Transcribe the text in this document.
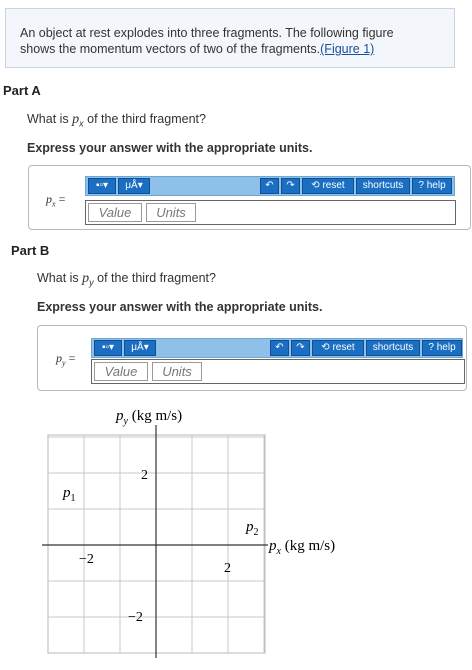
An object at rest explodes into three fragments. The following figure
shows the momentum vectors of two of the fragments.(Figure 1)
Part A
What is $p_x$ of the third fragment?
Express your answer with the appropriate units.
$p_x$ =
▪▫▾	μÅ▾	↶	↷	⟲ reset	shortcuts	? help
Value	Units
Part B
What is $p_y$ of the third fragment?
Express your answer with the appropriate units.
$p_y$ =
▪▫▾	μÅ▾	↶	↷	⟲ reset	shortcuts	? help
Value	Units
$p_y$ (kg m/s)
$p_x$ (kg m/s)
2
−2
2
−2
$p_1$
$p_2$
